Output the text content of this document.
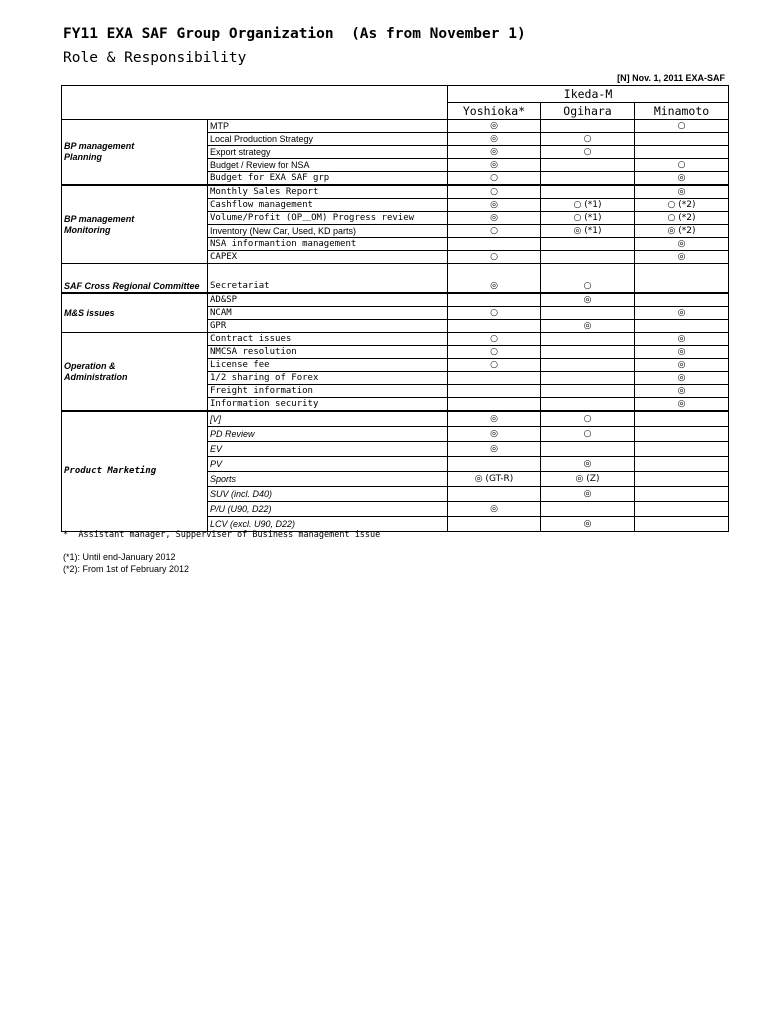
FY11 EXA SAF Group Organization  (As from November 1)
Role & Responsibility
[N] Nov. 1, 2011 EXA-SAF
		Ikeda-M		
		Yoshioka*	Ogihara	Minamoto
BP management
Planning	MTP	◎		○
	Local Production Strategy	◎	○	
	Export strategy	◎	○	
	Budget / Review for NSA	◎		○
	Budget for EXA SAF grp	○		◎
BP management
Monitoring	Monthly Sales Report	○		◎
	Cashflow management	◎	○ (*1)	○ (*2)
	Volume/Profit (OP＿OM) Progress review	◎	○ (*1)	○ (*2)
	Inventory (New Car, Used, KD parts)	○	◎ (*1)	◎ (*2)
	NSA informantion management			◎
	CAPEX	○		◎
SAF Cross Regional Committee	Secretariat	◎	○	
M&S issues	AD&SP		◎	
	NCAM	○		◎
	GPR		◎	
Operation &
Administration	Contract issues	○		◎
	NMCSA resolution	○		◎
	License fee	○		◎
	1/2 sharing of Forex			◎
	Freight information			◎
	Information security			◎
Product Marketing	[V]	◎	○	
	PD Review	◎	○	
	EV	◎		
	PV		◎	
	Sports	◎ (GT-R)	◎ (Z)	
	SUV (incl. D40)		◎	
	P/U (U90, D22)	◎		
	LCV (excl. U90, D22)		◎	
*  Assistant manager, Supperviser of Business management issue
(*1): Until end-January 2012
(*2): From 1st of February 2012
